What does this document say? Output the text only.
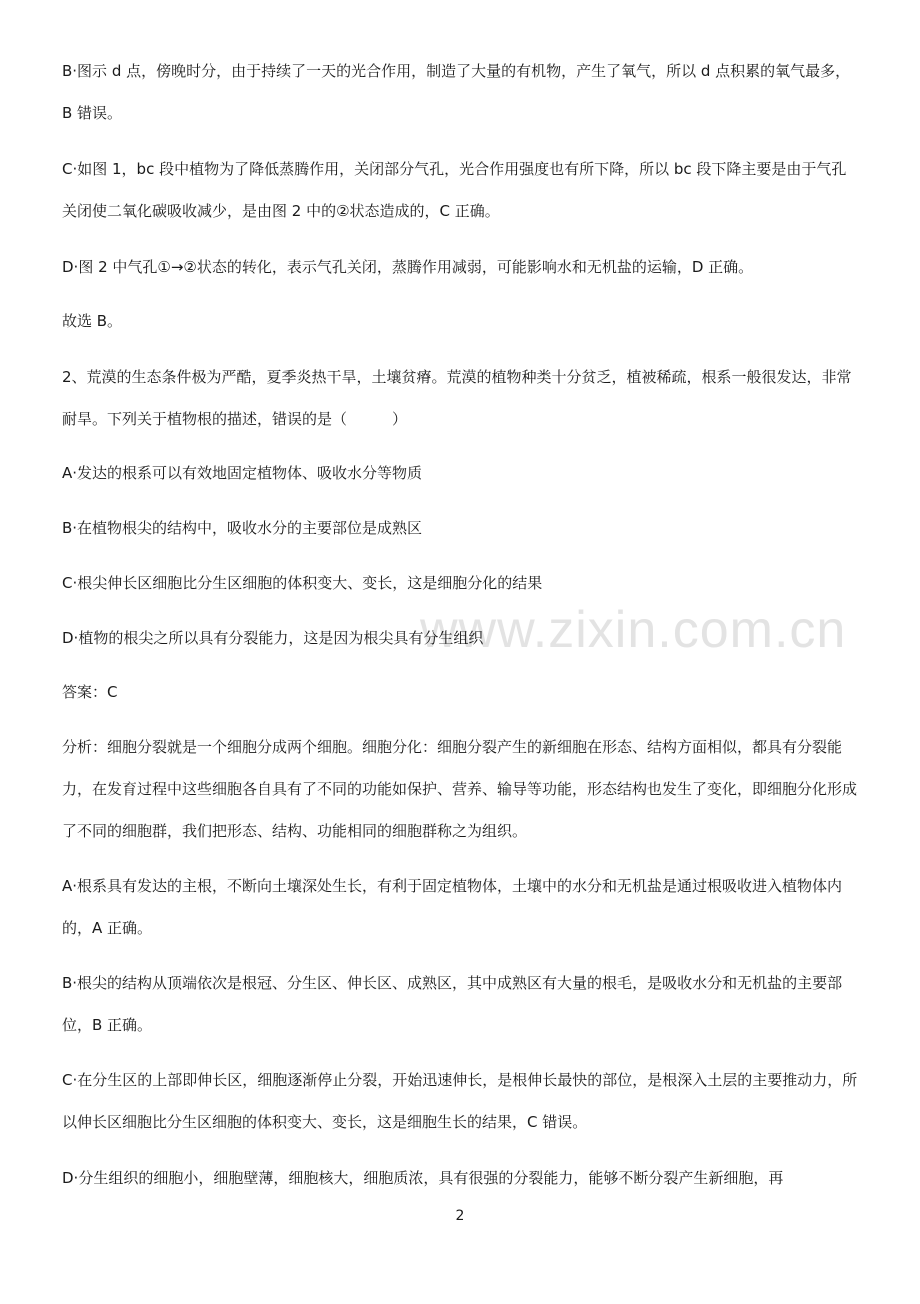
www.zixin.com.cn

B·图示 d 点，傍晚时分，由于持续了一天的光合作用，制造了大量的有机物，产生了氧气，所以 d 点积累的氧气最多，B 错误。

C·如图 1，bc 段中植物为了降低蒸腾作用，关闭部分气孔，光合作用强度也有所下降，所以 bc 段下降主要是由于气孔关闭使二氧化碳吸收减少，是由图 2 中的②状态造成的，C 正确。

D·图 2 中气孔①→②状态的转化，表示气孔关闭，蒸腾作用减弱，可能影响水和无机盐的运输，D 正确。

故选 B。

2、荒漠的生态条件极为严酷，夏季炎热干旱，土壤贫瘠。荒漠的植物种类十分贫乏，植被稀疏，根系一般很发达，非常耐旱。下列关于植物根的描述，错误的是（　　　）

A·发达的根系可以有效地固定植物体、吸收水分等物质

B·在植物根尖的结构中，吸收水分的主要部位是成熟区

C·根尖伸长区细胞比分生区细胞的体积变大、变长，这是细胞分化的结果

D·植物的根尖之所以具有分裂能力，这是因为根尖具有分生组织

答案：C

分析：细胞分裂就是一个细胞分成两个细胞。细胞分化：细胞分裂产生的新细胞在形态、结构方面相似，都具有分裂能力，在发育过程中这些细胞各自具有了不同的功能如保护、营养、输导等功能，形态结构也发生了变化，即细胞分化形成了不同的细胞群，我们把形态、结构、功能相同的细胞群称之为组织。

A·根系具有发达的主根，不断向土壤深处生长，有利于固定植物体，土壤中的水分和无机盐是通过根吸收进入植物体内的，A 正确。

B·根尖的结构从顶端依次是根冠、分生区、伸长区、成熟区，其中成熟区有大量的根毛，是吸收水分和无机盐的主要部位，B 正确。

C·在分生区的上部即伸长区，细胞逐渐停止分裂，开始迅速伸长，是根伸长最快的部位，是根深入土层的主要推动力，所以伸长区细胞比分生区细胞的体积变大、变长，这是细胞生长的结果，C 错误。

D·分生组织的细胞小，细胞壁薄，细胞核大，细胞质浓，具有很强的分裂能力，能够不断分裂产生新细胞，再

2
